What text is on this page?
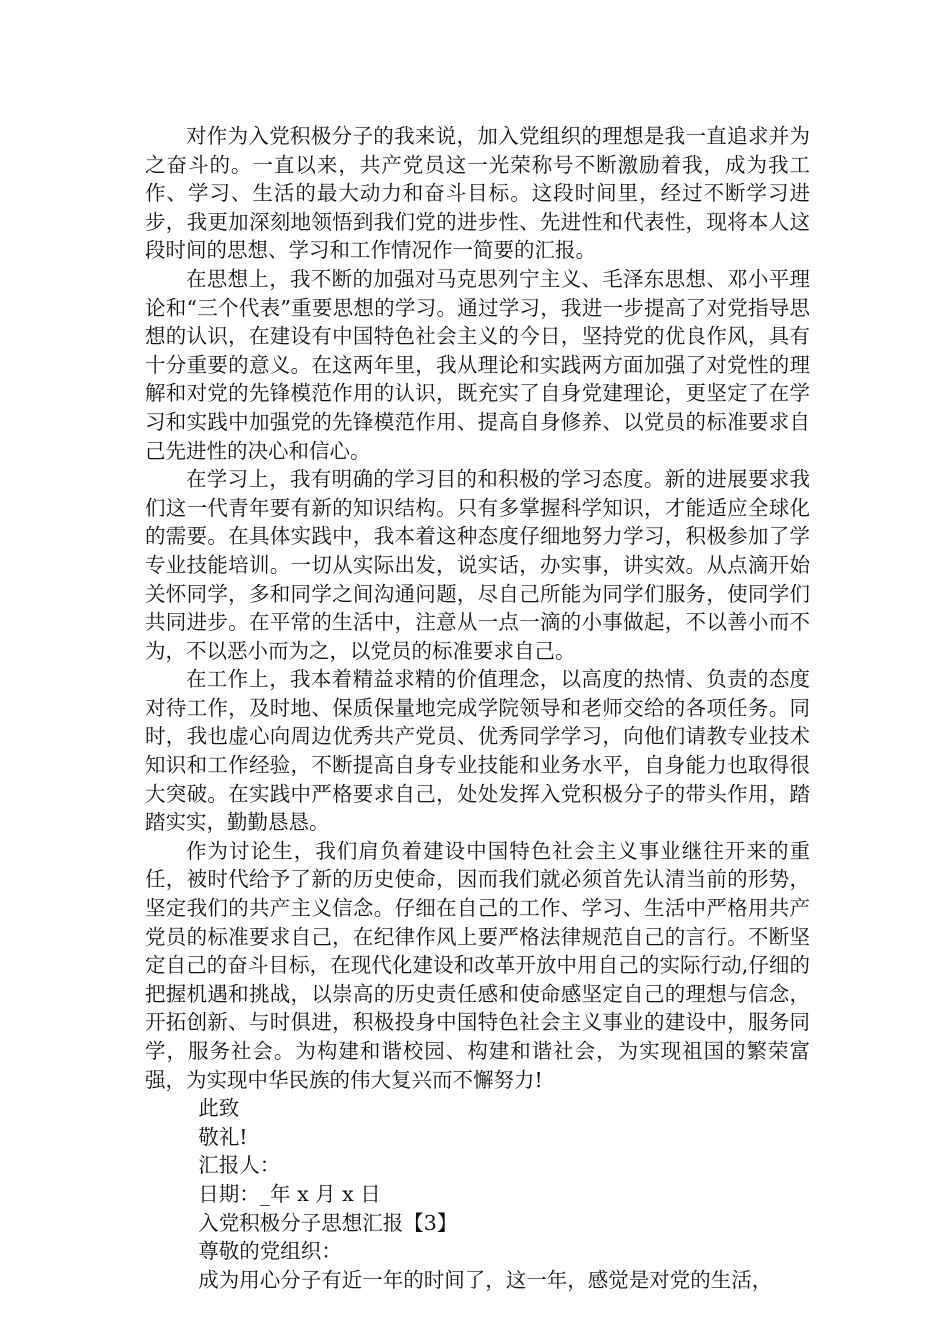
对作为入党积极分子的我来说，加入党组织的理想是我一直追求并为之奋斗的。一直以来，共产党员这一光荣称号不断激励着我，成为我工作、学习、生活的最大动力和奋斗目标。这段时间里，经过不断学习进步，我更加深刻地领悟到我们党的进步性、先进性和代表性，现将本人这段时间的思想、学习和工作情况作一简要的汇报。

在思想上，我不断的加强对马克思列宁主义、毛泽东思想、邓小平理论和“三个代表”重要思想的学习。通过学习，我进一步提高了对党指导思想的认识，在建设有中国特色社会主义的今日，坚持党的优良作风，具有十分重要的意义。在这两年里，我从理论和实践两方面加强了对党性的理解和对党的先锋模范作用的认识，既充实了自身党建理论，更坚定了在学习和实践中加强党的先锋模范作用、提高自身修养、以党员的标准要求自己先进性的决心和信心。

在学习上，我有明确的学习目的和积极的学习态度。新的进展要求我们这一代青年要有新的知识结构。只有多掌握科学知识，才能适应全球化的需要。在具体实践中，我本着这种态度仔细地努力学习，积极参加了学专业技能培训。一切从实际出发，说实话，办实事，讲实效。从点滴开始关怀同学，多和同学之间沟通问题，尽自己所能为同学们服务，使同学们共同进步。在平常的生活中，注意从一点一滴的小事做起，不以善小而不为，不以恶小而为之，以党员的标准要求自己。

在工作上，我本着精益求精的价值理念，以高度的热情、负责的态度对待工作，及时地、保质保量地完成学院领导和老师交给的各项任务。同时，我也虚心向周边优秀共产党员、优秀同学学习，向他们请教专业技术知识和工作经验，不断提高自身专业技能和业务水平，自身能力也取得很大突破。在实践中严格要求自己，处处发挥入党积极分子的带头作用，踏踏实实，勤勤恳恳。

作为讨论生，我们肩负着建设中国特色社会主义事业继往开来的重任，被时代给予了新的历史使命，因而我们就必须首先认清当前的形势，坚定我们的共产主义信念。仔细在自己的工作、学习、生活中严格用共产党员的标准要求自己，在纪律作风上要严格法律规范自己的言行。不断坚定自己的奋斗目标，在现代化建设和改革开放中用自己的实际行动,仔细的把握机遇和挑战，以崇高的历史责任感和使命感坚定自己的理想与信念，开拓创新、与时俱进，积极投身中国特色社会主义事业的建设中，服务同学，服务社会。为构建和谐校园、构建和谐社会，为实现祖国的繁荣富强，为实现中华民族的伟大复兴而不懈努力!

此致

敬礼!

汇报人：

日期：_年 x 月 x 日

入党积极分子思想汇报【3】

尊敬的党组织：

成为用心分子有近一年的时间了，这一年，感觉是对党的生活，
